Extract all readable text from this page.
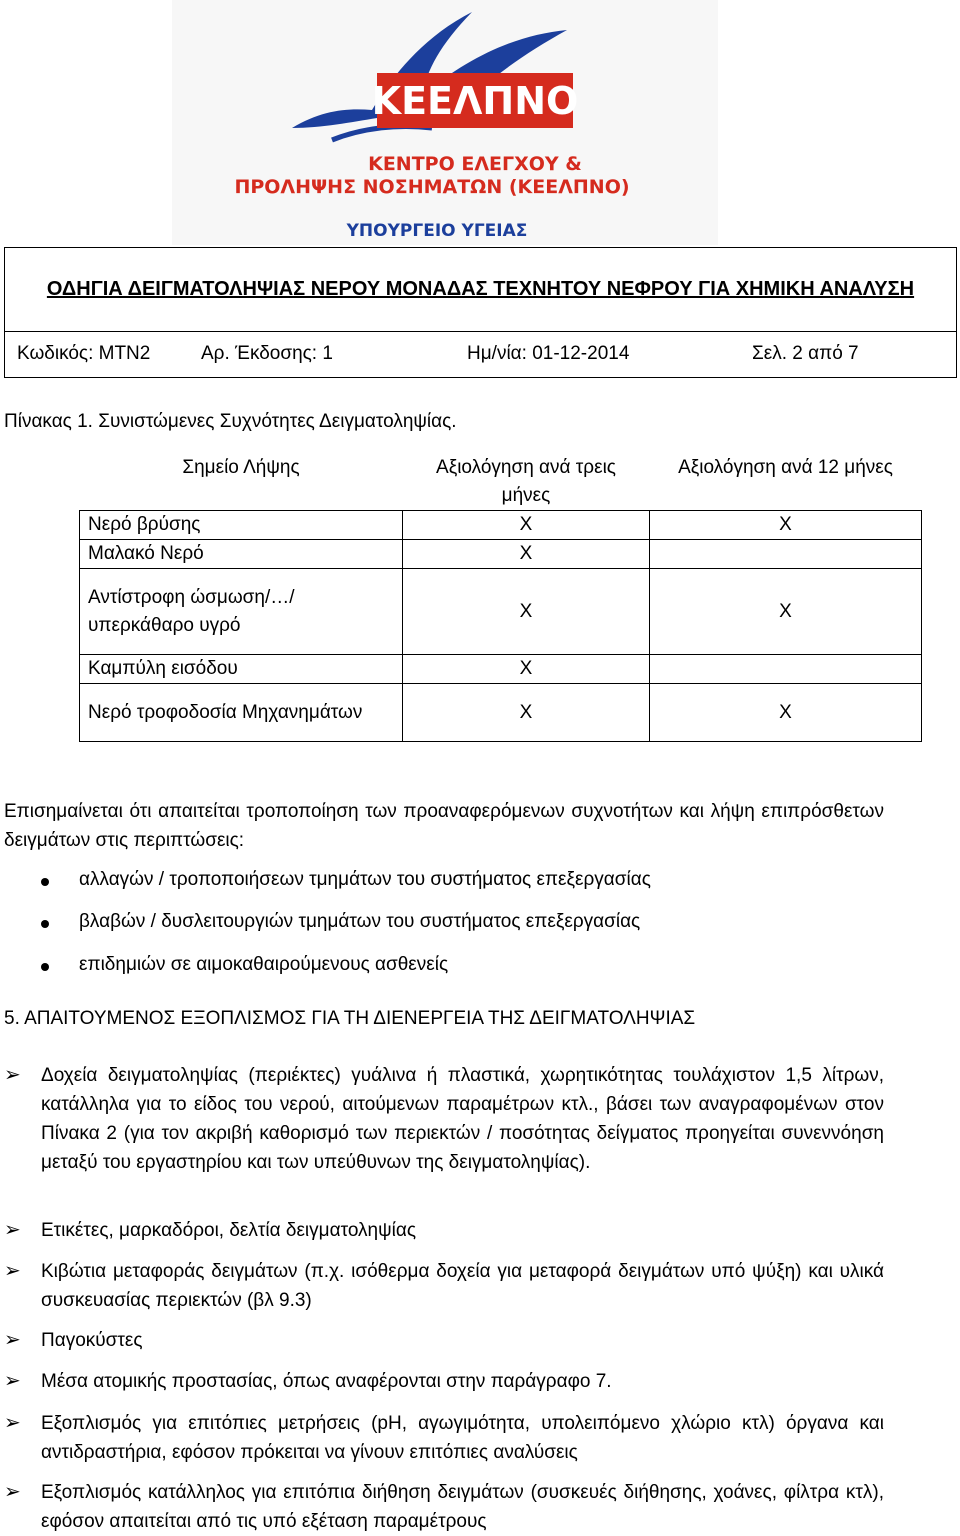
ΚΕΕΛΠΝΟ
ΚΕΝΤΡΟ ΕΛΕΓΧΟΥ &
ΠΡΟΛΗΨΗΣ ΝΟΣΗΜΑΤΩΝ (ΚΕΕΛΠΝΟ)
ΥΠΟΥΡΓΕΙΟ ΥΓΕΙΑΣ
ΟΔΗΓΙΑ ΔΕΙΓΜΑΤΟΛΗΨΙΑΣ ΝΕΡΟΥ ΜΟΝΑΔΑΣ ΤΕΧΝΗΤΟΥ ΝΕΦΡΟΥ ΓΙΑ ΧΗΜΙΚΗ ΑΝΑΛΥΣΗ
Κωδικός: ΜΤΝ2	Αρ. Έκδοσης: 1	Ημ/νία: 01-12-2014	Σελ. 2 από 7
Πίνακας 1. Συνιστώμενες Συχνότητες Δειγματοληψίας.
Σημείο Λήψης	Αξιολόγηση ανά τρεις μήνες	Αξιολόγηση ανά 12 μήνες
Νερό βρύσης	Χ	Χ
Μαλακό Νερό	Χ	
Αντίστροφη ώσμωση/…/υπερκάθαρο υγρό	Χ	Χ
Καμπύλη εισόδου	Χ	
Νερό τροφοδοσία Μηχανημάτων	Χ	Χ
Επισημαίνεται ότι απαιτείται τροποποίηση των προαναφερόμενων συχνοτήτων και λήψη επιπρόσθετων δειγμάτων στις περιπτώσεις:
αλλαγών / τροποποιήσεων τμημάτων του συστήματος επεξεργασίας
βλαβών / δυσλειτουργιών τμημάτων του συστήματος επεξεργασίας
επιδημιών σε αιμοκαθαιρούμενους ασθενείς
5. ΑΠΑΙΤΟΥΜΕΝΟΣ ΕΞΟΠΛΙΣΜΟΣ ΓΙΑ ΤΗ ΔΙΕΝΕΡΓΕΙΑ ΤΗΣ ΔΕΙΓΜΑΤΟΛΗΨΙΑΣ
➢ Δοχεία δειγματοληψίας (περιέκτες) γυάλινα ή πλαστικά, χωρητικότητας τουλάχιστον 1,5 λίτρων, κατάλληλα για το είδος του νερού, αιτούμενων παραμέτρων κτλ., βάσει των αναγραφομένων στον Πίνακα 2 (για τον ακριβή καθορισμό των περιεκτών / ποσότητας δείγματος προηγείται συνεννόηση μεταξύ του εργαστηρίου και των υπεύθυνων της δειγματοληψίας).
➢ Ετικέτες, μαρκαδόροι, δελτία δειγματοληψίας
➢ Κιβώτια μεταφοράς δειγμάτων (π.χ. ισόθερμα δοχεία για μεταφορά δειγμάτων υπό ψύξη) και υλικά συσκευασίας περιεκτών (βλ 9.3)
➢ Παγοκύστες
➢ Μέσα ατομικής προστασίας, όπως αναφέρονται στην παράγραφο 7.
➢ Εξοπλισμός για επιτόπιες μετρήσεις (pH, αγωγιμότητα, υπολειπόμενο χλώριο κτλ) όργανα και αντιδραστήρια, εφόσον πρόκειται να γίνουν επιτόπιες αναλύσεις
➢ Εξοπλισμός κατάλληλος για επιτόπια διήθηση δειγμάτων (συσκευές διήθησης, χοάνες, φίλτρα κτλ), εφόσον απαιτείται από τις υπό εξέταση παραμέτρους
